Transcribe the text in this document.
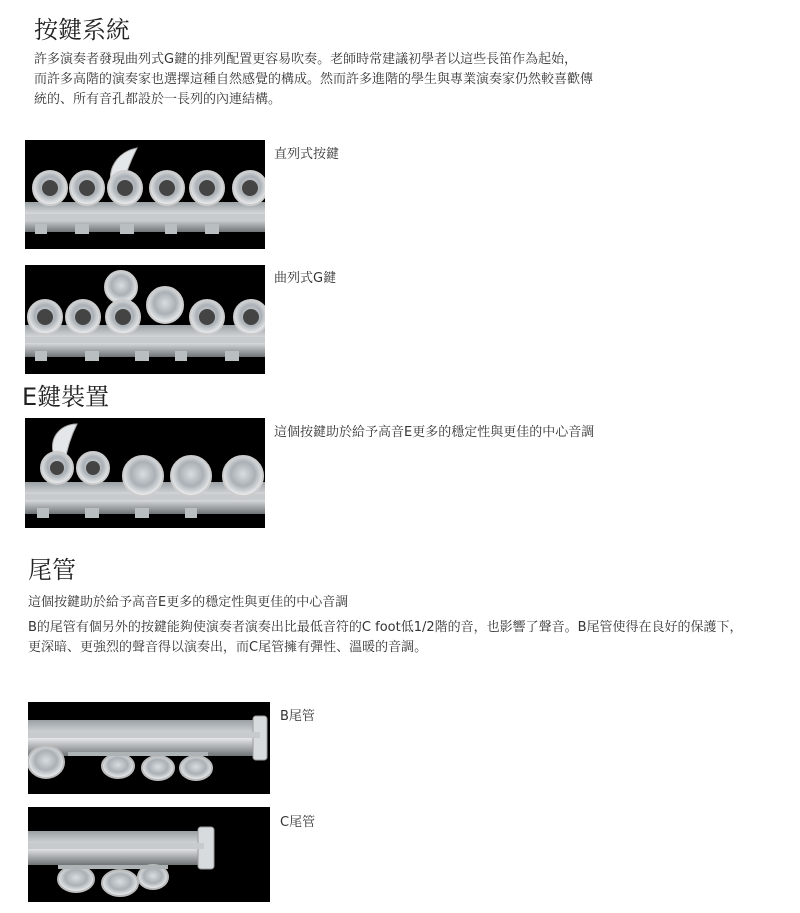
按鍵系統
許多演奏者發現曲列式G鍵的排列配置更容易吹奏。老師時常建議初學者以這些長笛作為起始，
而許多高階的演奏家也選擇這種自然感覺的構成。然而許多進階的學生與專業演奏家仍然較喜歡傳
統的、所有音孔都設於一長列的內連結構。
直列式按鍵
曲列式G鍵
E鍵裝置
這個按鍵助於給予高音E更多的穩定性與更佳的中心音調
尾管
這個按鍵助於給予高音E更多的穩定性與更佳的中心音調
B的尾管有個另外的按鍵能夠使演奏者演奏出比最低音符的C foot低1/2階的音，也影響了聲音。B尾管使得在良好的保護下，
更深暗、更強烈的聲音得以演奏出，而C尾管擁有彈性、溫暖的音調。
B尾管
C尾管
